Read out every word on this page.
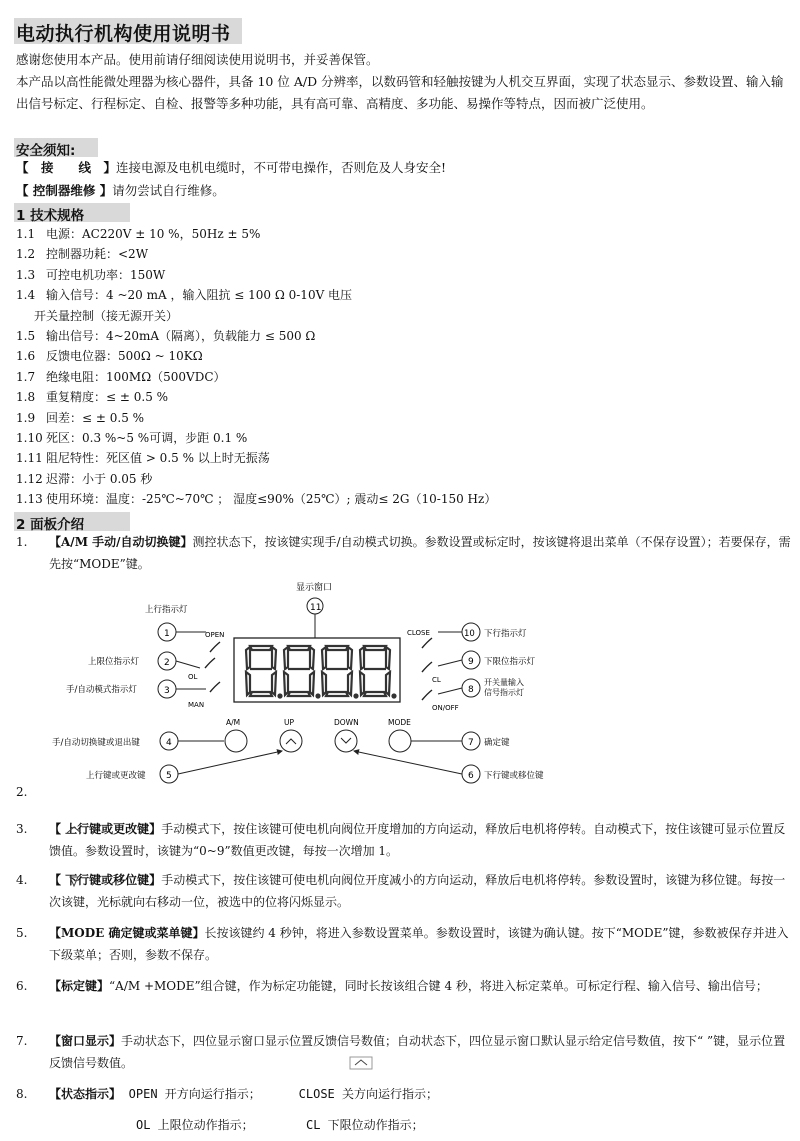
电动执行机构使用说明书
感谢您使用本产品。使用前请仔细阅读使用说明书，并妥善保管。
本产品以高性能微处理器为核心器件，具备 10 位 A/D 分辨率，以数码管和轻触按键为人机交互界面，实现了状态显示、参数设置、输入输出信号标定、行程标定、自检、报警等多种功能，具有高可靠、高精度、多功能、易操作等特点，因而被广泛使用。
安全须知:
【　接　　线　】连接电源及电机电缆时，不可带电操作，否则危及人身安全!
【 控制器维修 】请勿尝试自行维修。
1 技术规格
1.1 电源：AC220V ± 10 %，50Hz ± 5%
1.2 控制器功耗：<2W
1.3 可控电机功率：150W
1.4 输入信号：4 ~20 mA ，输入阻抗 ≤ 100 Ω 0-10V 电压
开关量控制（接无源开关）
1.5 输出信号：4~20mA（隔离），负载能力 ≤ 500 Ω
1.6 反馈电位器：500Ω ~ 10KΩ
1.7 绝缘电阻：100MΩ（500VDC）
1.8 重复精度：≤ ± 0.5 %
1.9 回差：≤ ± 0.5 %
1.10 死区：0.3 %~5 %可调，步距 0.1 %
1.11 阻尼特性：死区值 > 0.5 % 以上时无振荡
1.12 迟滞：小于 0.05 秒
1.13 使用环境：温度：-25℃~70℃ ； 湿度≤90%（25℃）; 震动≤ 2G（10-150 Hz）
2 面板介绍
1. 【A/M 手动/自动切换键】测控状态下，按该键实现手/自动模式切换。参数设置或标定时，按该键将退出菜单（不保存设置）；若要保存，需先按“MODE”键。
显示窗口
11
上行指示灯
1	OPEN
上限位指示灯	2
OL
手/自动模式指示灯	3
MAN
CLOSE	10 下行指示灯
CL
9 下限位指示灯
ON/OFF
8
开关量输入
信号指示灯
A/M	UP	DOWN	MODE
手/自动切换键或退出键	4	确定键
7
上行键或更改键 5	下行键或移位键
6
2.
3. 【 上行键或更改键】
手动模式下，按住该键可使电机向阀位开度增加的方向运动，释放后电机将停转。自动模式下，按住该键可显示位置反馈值。参数设置时，该键为“0~9”数值更改键，每按一次增加 1。
4. 【 下行键或移位键】
手动模式下，按住该键可使电机向阀位开度减小的方向运动，释放后电机将停转。参数设置时，该键为移位键。每按一次该键，光标就向右移动一位，被选中的位将闪烁显示。
5. 【MODE 确定键或菜单键】长按该键约 4 秒钟，将进入参数设置菜单。参数设置时，该键为确认键。按下“MODE”键，参数被保存并进入下级菜单；否则，参数不保存。
6. 【标定键】“A/M +MODE”组合键，作为标定功能键，同时长按该组合键 4 秒，将进入标定菜单。可标定行程、输入信号、输出信号；
7. 【窗口显示】手动状态下，四位显示窗口显示位置反馈信号数值；自动状态下，四位显示窗口默认显示给定信号数值，按下“ ”键，显示位置反馈信号数值。
8. 【状态指示】 OPEN 开方向运行指示；	CLOSE 关方向运行指示；
OL 上限位动作指示；	CL 下限位动作指示；
